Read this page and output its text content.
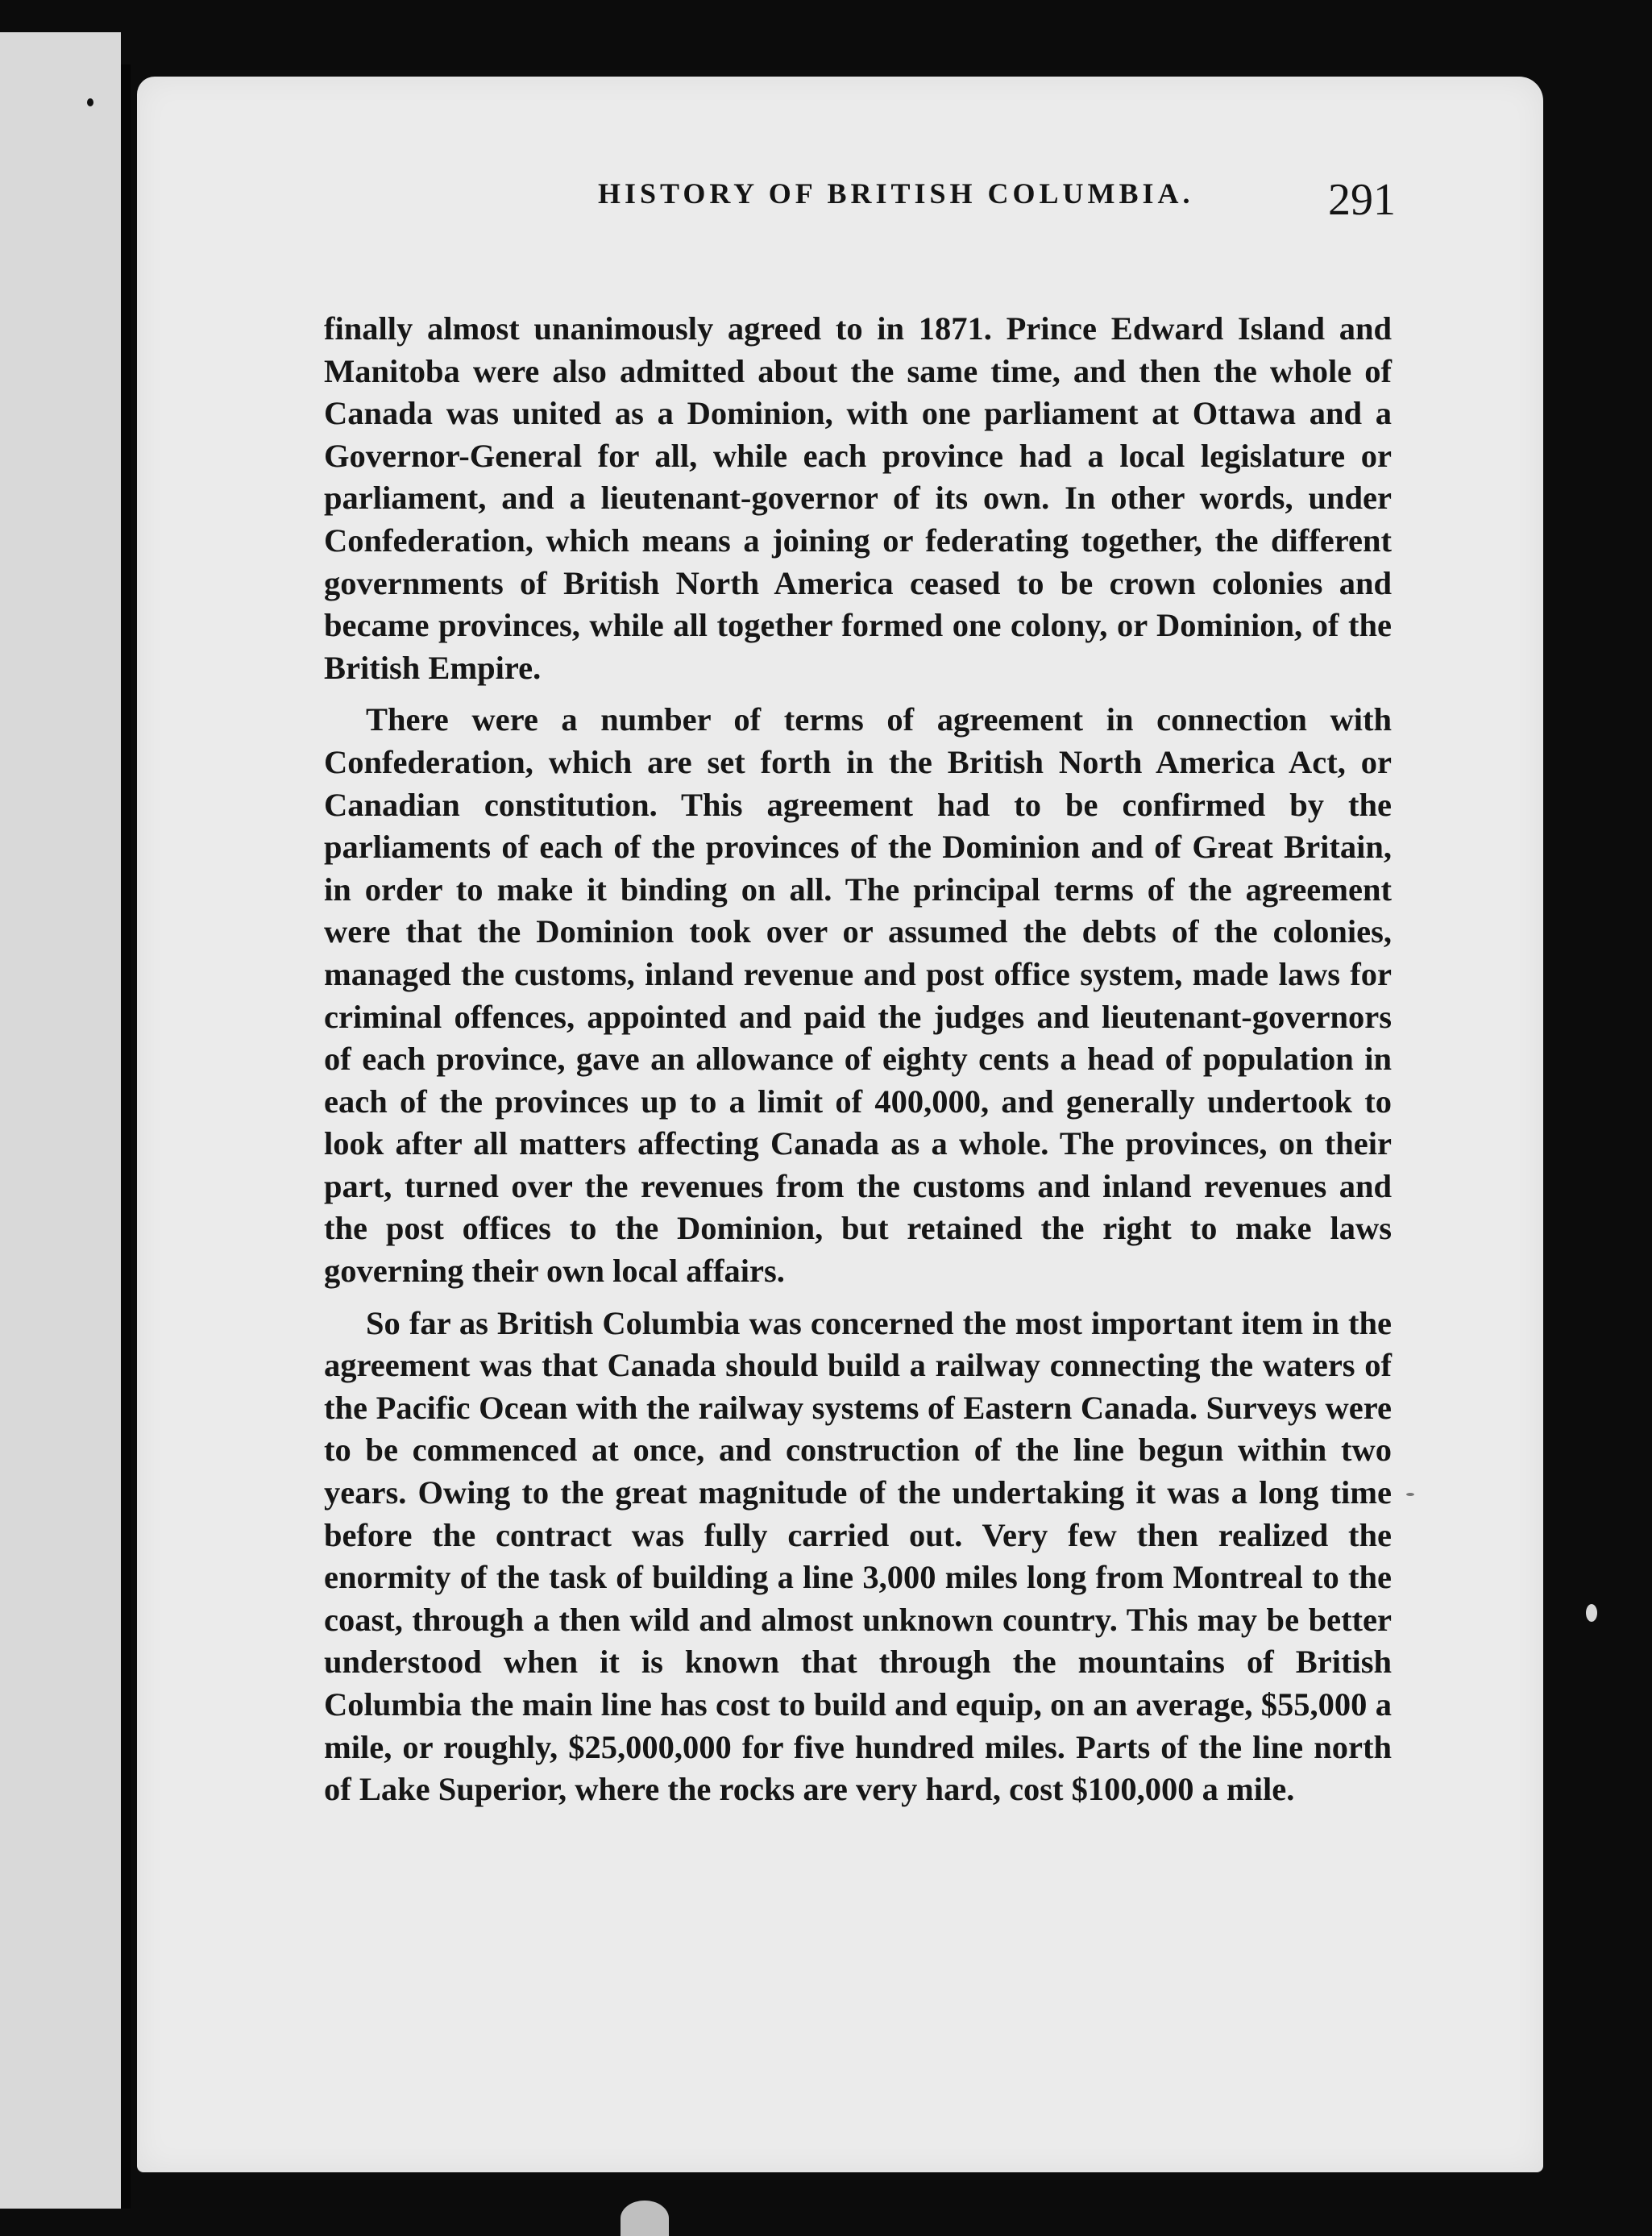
HISTORY OF BRITISH COLUMBIA.	291

finally almost unanimously agreed to in 1871. Prince Edward Island and Manitoba were also admitted about the same time, and then the whole of Canada was united as a Dominion, with one parliament at Ottawa and a Governor-General for all, while each province had a local legislature or parliament, and a lieutenant-governor of its own. In other words, under Confederation, which means a joining or federating together, the different governments of British North America ceased to be crown colonies and became provinces, while all together formed one colony, or Dominion, of the British Empire.

There were a number of terms of agreement in connection with Confederation, which are set forth in the British North America Act, or Canadian constitution. This agreement had to be confirmed by the parliaments of each of the provinces of the Dominion and of Great Britain, in order to make it binding on all. The principal terms of the agreement were that the Dominion took over or assumed the debts of the colonies, managed the customs, inland revenue and post office system, made laws for criminal offences, appointed and paid the judges and lieutenant-governors of each province, gave an allowance of eighty cents a head of population in each of the provinces up to a limit of 400,000, and generally undertook to look after all matters affecting Canada as a whole. The provinces, on their part, turned over the revenues from the customs and inland revenues and the post offices to the Dominion, but retained the right to make laws governing their own local affairs.

So far as British Columbia was concerned the most important item in the agreement was that Canada should build a railway connecting the waters of the Pacific Ocean with the railway systems of Eastern Canada. Surveys were to be commenced at once, and construction of the line begun within two years. Owing to the great magnitude of the undertaking it was a long time before the contract was fully carried out. Very few then realized the enormity of the task of building a line 3,000 miles long from Montreal to the coast, through a then wild and almost unknown country. This may be better understood when it is known that through the mountains of British Columbia the main line has cost to build and equip, on an average, $55,000 a mile, or roughly, $25,000,000 for five hundred miles. Parts of the line north of Lake Superior, where the rocks are very hard, cost $100,000 a mile.
